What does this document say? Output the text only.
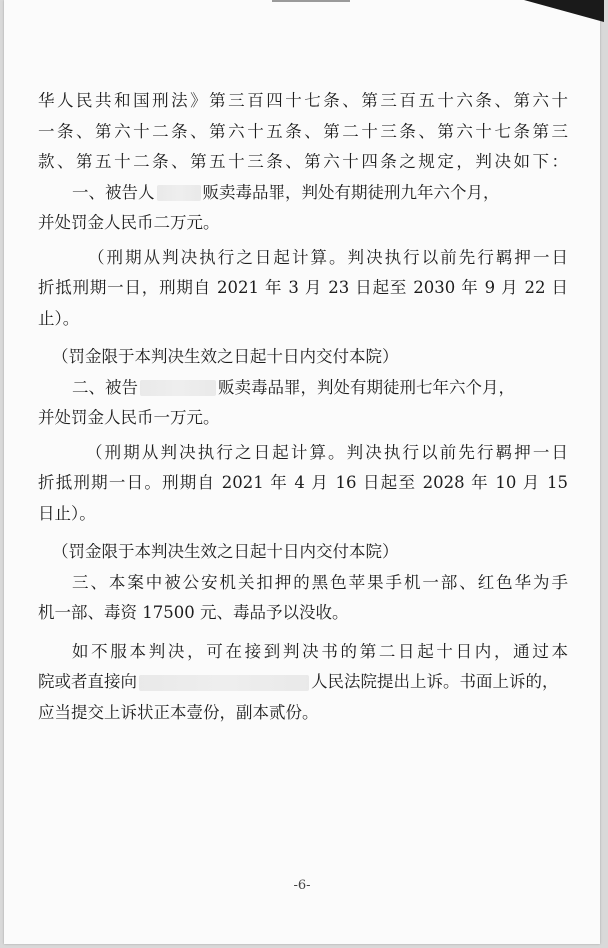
华人民共和国刑法》第三百四十七条、第三百五十六条、第六十
一条、第六十二条、第六十五条、第二十三条、第六十七条第三
款、第五十二条、第五十三条、第六十四条之规定，判决如下：
一、被告人	贩卖毒品罪，判处有期徒刑九年六个月，
并处罚金人民币二万元。
（刑期从判决执行之日起计算。判决执行以前先行羁押一日
折抵刑期一日，刑期自 2021 年 3 月 23 日起至 2030 年 9 月 22 日
止）。
（罚金限于本判决生效之日起十日内交付本院）
二、被告	贩卖毒品罪，判处有期徒刑七年六个月，
并处罚金人民币一万元。
（刑期从判决执行之日起计算。判决执行以前先行羁押一日
折抵刑期一日。刑期自 2021 年 4 月 16 日起至 2028 年 10 月 15
日止）。
（罚金限于本判决生效之日起十日内交付本院）
三、本案中被公安机关扣押的黑色苹果手机一部、红色华为手
机一部、毒资 17500 元、毒品予以没收。
如不服本判决，可在接到判决书的第二日起十日内，通过本
院或者直接向	人民法院提出上诉。书面上诉的，
应当提交上诉状正本壹份，副本贰份。
-6-
